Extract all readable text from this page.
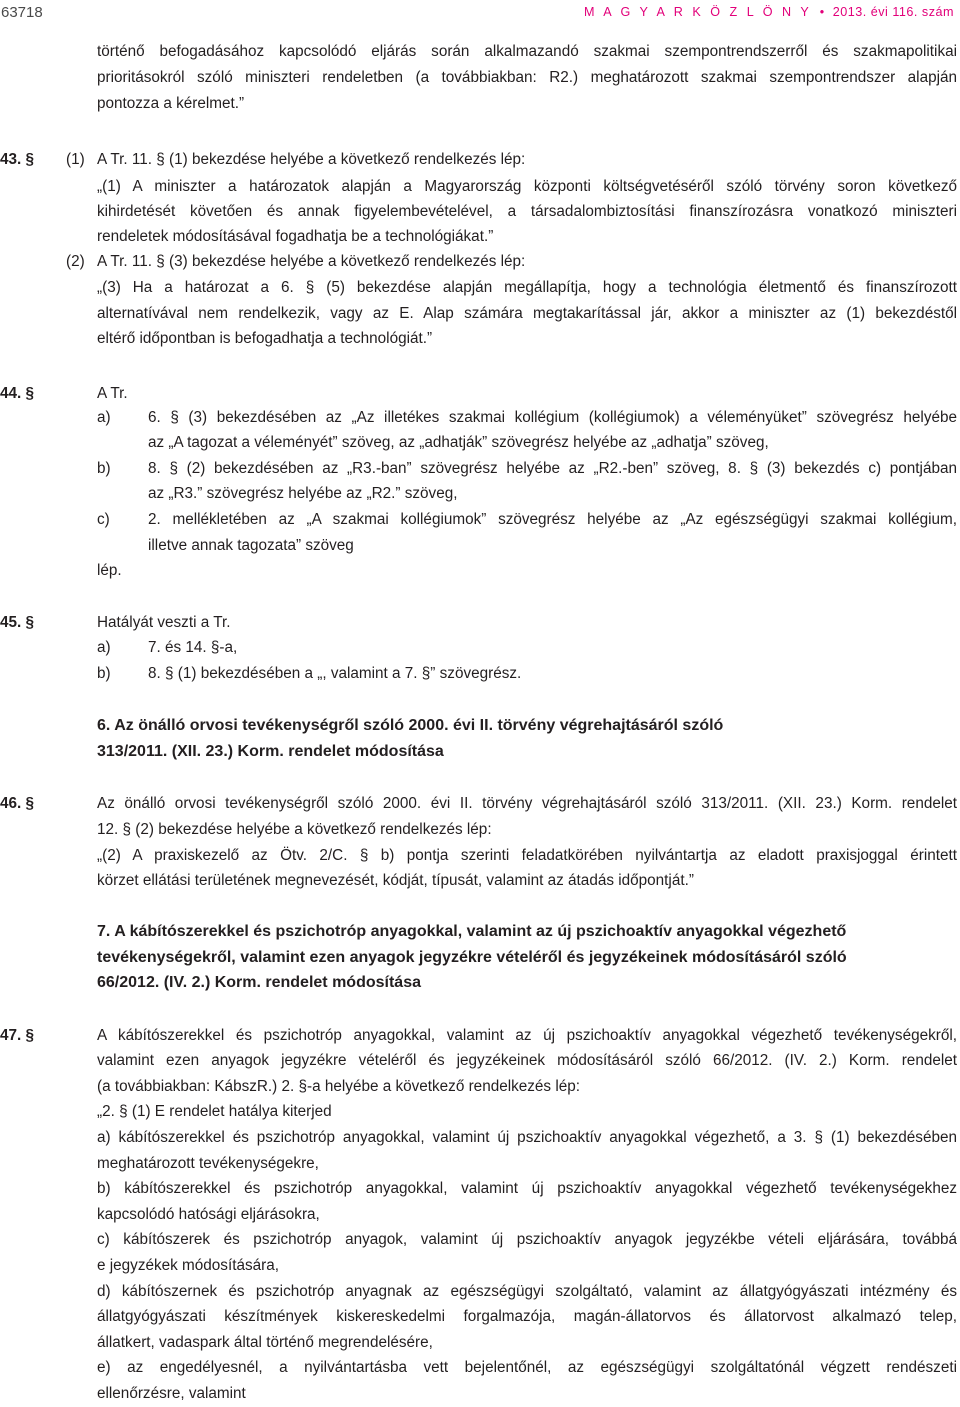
63718	M A G Y A R K Ö Z L Ö N Y  •  2013. évi 116. szám

történő befogadásához kapcsolódó eljárás során alkalmazandó szakmai szempontrendszerről és szakmapolitikai

prioritásokról szóló miniszteri rendeletben (a továbbiakban: R2.) meghatározott szakmai szempontrendszer alapján

pontozza a kérelmet.”

43. § (1) A Tr. 11. § (1) bekezdése helyébe a következő rendelkezés lép:

„(1) A miniszter a határozatok alapján a Magyarország központi költségvetéséről szóló törvény soron következő

kihirdetését követően és annak figyelembevételével, a társadalombiztosítási finanszírozásra vonatkozó miniszteri

rendeletek módosításával fogadhatja be a technológiákat.”

(2) A Tr. 11. § (3) bekezdése helyébe a következő rendelkezés lép:

„(3) Ha a határozat a 6. § (5) bekezdése alapján megállapítja, hogy a technológia életmentő és finanszírozott

alternatívával nem rendelkezik, vagy az E. Alap számára megtakarítással jár, akkor a miniszter az (1) bekezdéstől

eltérő időpontban is befogadhatja a technológiát.”

44. §	A Tr.

a) 6. § (3) bekezdésében az „Az illetékes szakmai kollégium (kollégiumok) a véleményüket” szövegrész helyébe

az „A tagozat a véleményét” szöveg, az „adhatják” szövegrész helyébe az „adhatja” szöveg,

b) 8. § (2) bekezdésében az „R3.-ban” szövegrész helyébe az „R2.-ben” szöveg, 8. § (3) bekezdés c) pontjában

az „R3.” szövegrész helyébe az „R2.” szöveg,

c)	2. mellékletében az „A szakmai kollégiumok” szövegrész helyébe az „Az egészségügyi szakmai kollégium,

illetve annak tagozata” szöveg

lép.

45. §	Hatályát veszti a Tr.

a) 7. és 14. §-a,

b) 8. § (1) bekezdésében a „, valamint a 7. §” szövegrész.

6. Az önálló orvosi tevékenységről szóló 2000. évi II. törvény végrehajtásáról szóló
313/2011. (XII. 23.) Korm. rendelet módosítása
46. §	Az önálló orvosi tevékenységről szóló 2000. évi II. törvény végrehajtásáról szóló 313/2011. (XII. 23.) Korm. rendelet

12. § (2) bekezdése helyébe a következő rendelkezés lép:

„(2) A praxiskezelő az Ötv. 2/C. § b) pontja szerinti feladatkörében nyilvántartja az eladott praxisjoggal érintett

körzet ellátási területének megnevezését, kódját, típusát, valamint az átadás időpontját.”

7. A kábítószerekkel és pszichotróp anyagokkal, valamint az új pszichoaktív anyagokkal végezhető
tevékenységekről, valamint ezen anyagok jegyzékre vételéről és jegyzékeinek módosításáról szóló
66/2012. (IV. 2.) Korm. rendelet módosítása
47. §	A kábítószerekkel és pszichotróp anyagokkal, valamint az új pszichoaktív anyagokkal végezhető tevékenységekről,

valamint ezen anyagok jegyzékre vételéről és jegyzékeinek módosításáról szóló 66/2012. (IV. 2.) Korm. rendelet

(a továbbiakban: KábszR.) 2. §-a helyébe a következő rendelkezés lép:

„2. § (1) E rendelet hatálya kiterjed

a) kábítószerekkel és pszichotróp anyagokkal, valamint új pszichoaktív anyagokkal végezhető, a 3. § (1) bekezdésében

meghatározott tevékenységekre,

b) kábítószerekkel és pszichotróp anyagokkal, valamint új pszichoaktív anyagokkal végezhető tevékenységekhez

kapcsolódó hatósági eljárásokra,

c) kábítószerek és pszichotróp anyagok, valamint új pszichoaktív anyagok jegyzékbe vételi eljárására, továbbá

e jegyzékek módosítására,

d) kábítószernek és pszichotróp anyagnak az egészségügyi szolgáltató, valamint az állatgyógyászati intézmény és

állatgyógyászati készítmények kiskereskedelmi forgalmazója, magán-állatorvos és állatorvost alkalmazó telep,

állatkert, vadaspark által történő megrendelésére,

e) az engedélyesnél, a nyilvántartásba vett bejelentőnél, az egészségügyi szolgáltatónál végzett rendészeti

ellenőrzésre, valamint
